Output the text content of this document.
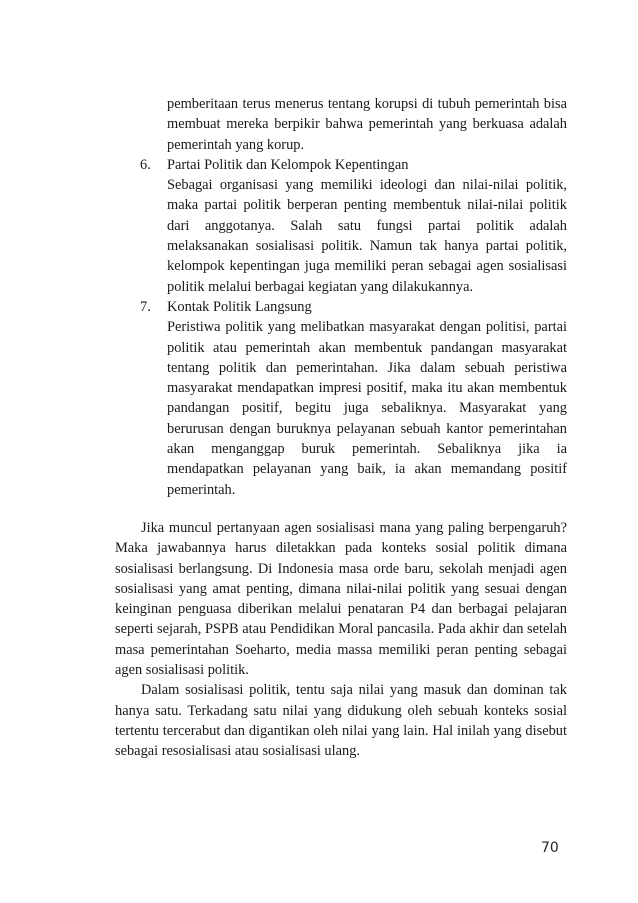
pemberitaan terus menerus tentang korupsi di tubuh pemerintah bisa membuat mereka berpikir bahwa pemerintah yang berkuasa adalah pemerintah yang korup.

6. Partai Politik dan Kelompok Kepentingan

Sebagai organisasi yang memiliki ideologi dan nilai-nilai politik, maka partai politik berperan penting membentuk nilai-nilai politik dari anggotanya. Salah satu fungsi partai politik adalah melaksanakan sosialisasi politik. Namun tak hanya partai politik, kelompok kepentingan juga memiliki peran sebagai agen sosialisasi politik melalui berbagai kegiatan yang dilakukannya.

7. Kontak Politik Langsung

Peristiwa politik yang melibatkan masyarakat dengan politisi, partai politik atau pemerintah akan membentuk pandangan masyarakat tentang politik dan pemerintahan. Jika dalam sebuah peristiwa masyarakat mendapatkan impresi positif, maka itu akan membentuk pandangan positif, begitu juga sebaliknya. Masyarakat yang berurusan dengan buruknya pelayanan sebuah kantor pemerintahan akan menganggap buruk pemerintah. Sebaliknya jika ia mendapatkan pelayanan yang baik, ia akan memandang positif pemerintah.

Jika muncul pertanyaan agen sosialisasi mana yang paling berpengaruh? Maka jawabannya harus diletakkan pada konteks sosial politik dimana sosialisasi berlangsung. Di Indonesia masa orde baru, sekolah menjadi agen sosialisasi yang amat penting, dimana nilai-nilai politik yang sesuai dengan keinginan penguasa diberikan melalui penataran P4 dan berbagai pelajaran seperti sejarah, PSPB atau Pendidikan Moral pancasila. Pada akhir dan setelah masa pemerintahan Soeharto, media massa memiliki peran penting sebagai agen sosialisasi politik.

Dalam sosialisasi politik, tentu saja nilai yang masuk dan dominan tak hanya satu. Terkadang satu nilai yang didukung oleh sebuah konteks sosial tertentu tercerabut dan digantikan oleh nilai yang lain. Hal inilah yang disebut sebagai resosialisasi atau sosialisasi ulang.

70
